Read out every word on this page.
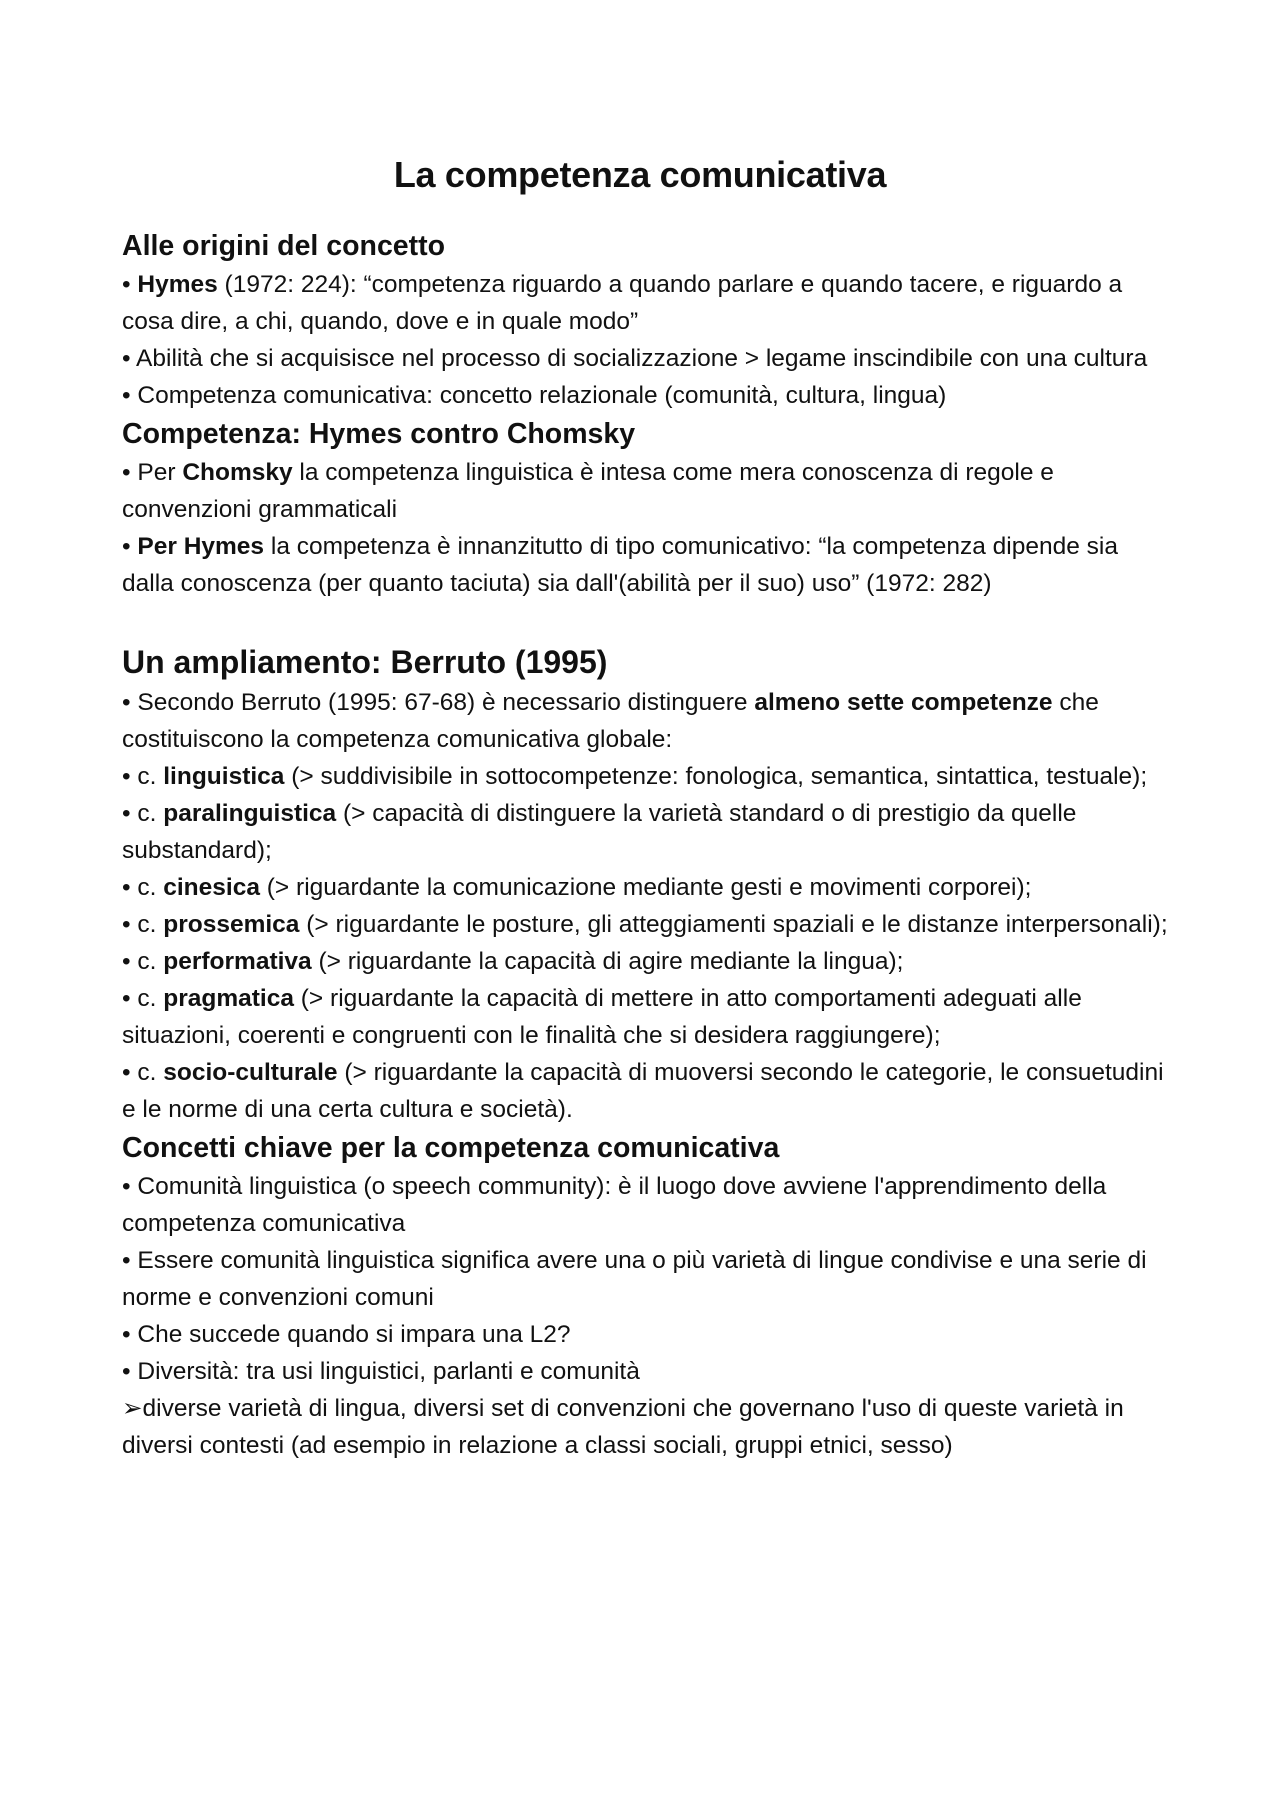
La competenza comunicativa
Alle origini del concetto

• Hymes (1972: 224): “competenza riguardo a quando parlare e quando tacere, e riguardo a cosa dire, a chi, quando, dove e in quale modo”

• Abilità che si acquisisce nel processo di socializzazione > legame inscindibile con una cultura

• Competenza comunicativa: concetto relazionale (comunità, cultura, lingua)

Competenza: Hymes contro Chomsky

• Per Chomsky la competenza linguistica è intesa come mera conoscenza di regole e convenzioni grammaticali

• Per Hymes la competenza è innanzitutto di tipo comunicativo: “la competenza dipende sia dalla conoscenza (per quanto taciuta) sia dall'(abilità per il suo) uso” (1972: 282)

Un ampliamento: Berruto (1995)

• Secondo Berruto (1995: 67-68) è necessario distinguere almeno sette competenze che costituiscono la competenza comunicativa globale:

• c. linguistica (> suddivisibile in sottocompetenze: fonologica, semantica, sintattica, testuale);

• c. paralinguistica (> capacità di distinguere la varietà standard o di prestigio da quelle substandard);

• c. cinesica (> riguardante la comunicazione mediante gesti e movimenti corporei);

• c. prossemica (> riguardante le posture, gli atteggiamenti spaziali e le distanze interpersonali);

• c. performativa (> riguardante la capacità di agire mediante la lingua);

• c. pragmatica (> riguardante la capacità di mettere in atto comportamenti adeguati alle situazioni, coerenti e congruenti con le finalità che si desidera raggiungere);

• c. socio-culturale (> riguardante la capacità di muoversi secondo le categorie, le consuetudini e le norme di una certa cultura e società).

Concetti chiave per la competenza comunicativa

• Comunità linguistica (o speech community): è il luogo dove avviene l'apprendimento della competenza comunicativa

• Essere comunità linguistica significa avere una o più varietà di lingue condivise e una serie di norme e convenzioni comuni

• Che succede quando si impara una L2?

• Diversità: tra usi linguistici, parlanti e comunità

➢diverse varietà di lingua, diversi set di convenzioni che governano l'uso di queste varietà in diversi contesti (ad esempio in relazione a classi sociali, gruppi etnici, sesso)
